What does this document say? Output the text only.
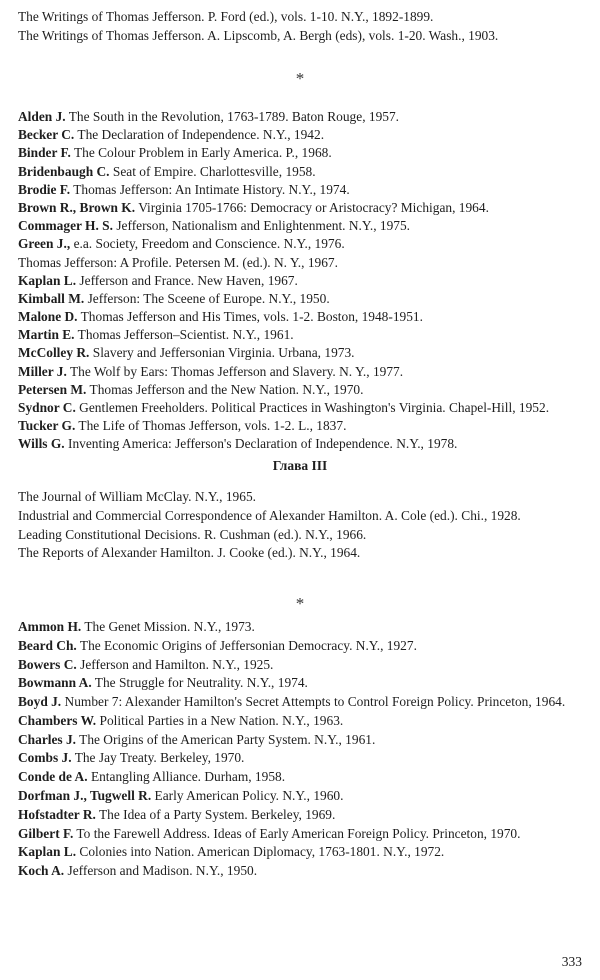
The Writings of Thomas Jefferson. P. Ford (ed.), vols. 1-10. N.Y., 1892-1899.
The Writings of Thomas Jefferson. A. Lipscomb, A. Bergh (eds), vols. 1-20. Wash., 1903.
*
Alden J. The South in the Revolution, 1763-1789. Baton Rouge, 1957.
Becker C. The Declaration of Independence. N.Y., 1942.
Binder F. The Colour Problem in Early America. P., 1968.
Bridenbaugh C. Seat of Empire. Charlottesville, 1958.
Brodie F. Thomas Jefferson: An Intimate History. N.Y., 1974.
Brown R., Brown K. Virginia 1705-1766: Democracy or Aristocracy? Michigan, 1964.
Commager H. S. Jefferson, Nationalism and Enlightenment. N.Y., 1975.
Green J., e.a. Society, Freedom and Conscience. N.Y., 1976.
Thomas Jefferson: A Profile. Petersen M. (ed.). N. Y., 1967.
Kaplan L. Jefferson and France. New Haven, 1967.
Kimball M. Jefferson: The Sceene of Europe. N.Y., 1950.
Malone D. Thomas Jefferson and His Times, vols. 1-2. Boston, 1948-1951.
Martin E. Thomas Jefferson–Scientist. N.Y., 1961.
McColley R. Slavery and Jeffersonian Virginia. Urbana, 1973.
Miller J. The Wolf by Ears: Thomas Jefferson and Slavery. N. Y., 1977.
Petersen M. Thomas Jefferson and the New Nation. N.Y., 1970.
Sydnor C. Gentlemen Freeholders. Political Practices in Washington's Virginia. Chapel-Hill, 1952.
Tucker G. The Life of Thomas Jefferson, vols. 1-2. L., 1837.
Wills G. Inventing America: Jefferson's Declaration of Independence. N.Y., 1978.
Глава III
The Journal of William McClay. N.Y., 1965.
Industrial and Commercial Correspondence of Alexander Hamilton. A. Cole (ed.). Chi., 1928.
Leading Constitutional Decisions. R. Cushman (ed.). N.Y., 1966.
The Reports of Alexander Hamilton. J. Cooke (ed.). N.Y., 1964.
*
Ammon H. The Genet Mission. N.Y., 1973.
Beard Ch. The Economic Origins of Jeffersonian Democracy. N.Y., 1927.
Bowers C. Jefferson and Hamilton. N.Y., 1925.
Bowmann A. The Struggle for Neutrality. N.Y., 1974.
Boyd J. Number 7: Alexander Hamilton's Secret Attempts to Control Foreign Policy. Princeton, 1964.
Chambers W. Political Parties in a New Nation. N.Y., 1963.
Charles J. The Origins of the American Party System. N.Y., 1961.
Combs J. The Jay Treaty. Berkeley, 1970.
Conde de A. Entangling Alliance. Durham, 1958.
Dorfman J., Tugwell R. Early American Policy. N.Y., 1960.
Hofstadter R. The Idea of a Party System. Berkeley, 1969.
Gilbert F. To the Farewell Address. Ideas of Early American Foreign Policy. Princeton, 1970.
Kaplan L. Colonies into Nation. American Diplomacy, 1763-1801. N.Y., 1972.
Koch A. Jefferson and Madison. N.Y., 1950.
333
